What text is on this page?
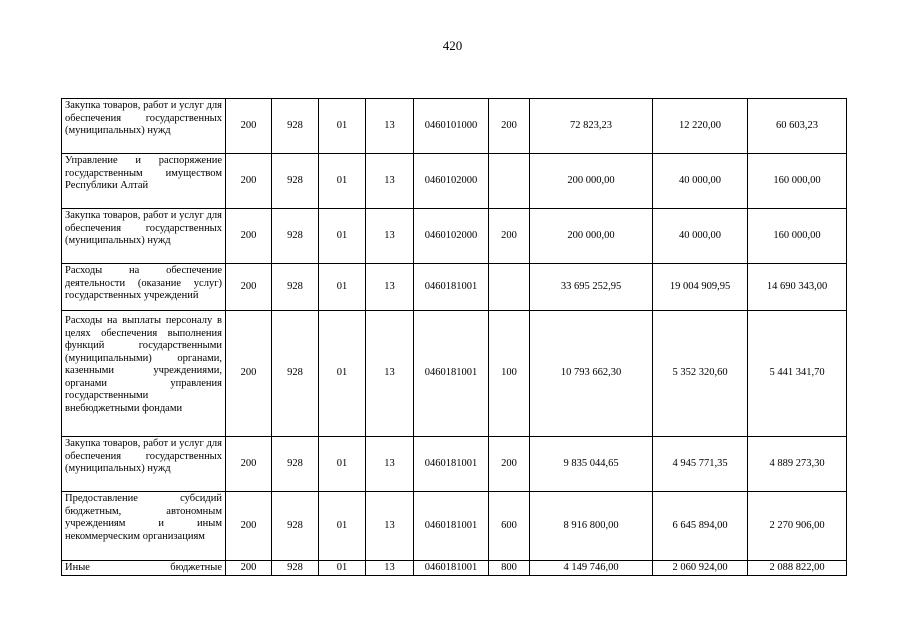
420
Закупка товаров, работ и услуг для обеспечения государственных (муниципальных) нужд	200	928	01	13	0460101000	200	72 823,23	12 220,00	60 603,23
Управление и распоряжение государственным имуществом Республики Алтай	200	928	01	13	0460102000		200 000,00	40 000,00	160 000,00
Закупка товаров, работ и услуг для обеспечения государственных (муниципальных) нужд	200	928	01	13	0460102000	200	200 000,00	40 000,00	160 000,00
Расходы на обеспечение деятельности (оказание услуг) государственных учреждений	200	928	01	13	0460181001		33 695 252,95	19 004 909,95	14 690 343,00
Расходы на выплаты персоналу в целях обеспечения выполнения функций государственными (муниципальными) органами, казенными учреждениями, органами управления государственными внебюджетными фондами	200	928	01	13	0460181001	100	10 793 662,30	5 352 320,60	5 441 341,70
Закупка товаров, работ и услуг для обеспечения государственных (муниципальных) нужд	200	928	01	13	0460181001	200	9 835 044,65	4 945 771,35	4 889 273,30
Предоставление субсидий бюджетным, автономным учреждениям и иным некоммерческим организациям	200	928	01	13	0460181001	600	8 916 800,00	6 645 894,00	2 270 906,00
Иные бюджетные	200	928	01	13	0460181001	800	4 149 746,00	2 060 924,00	2 088 822,00
